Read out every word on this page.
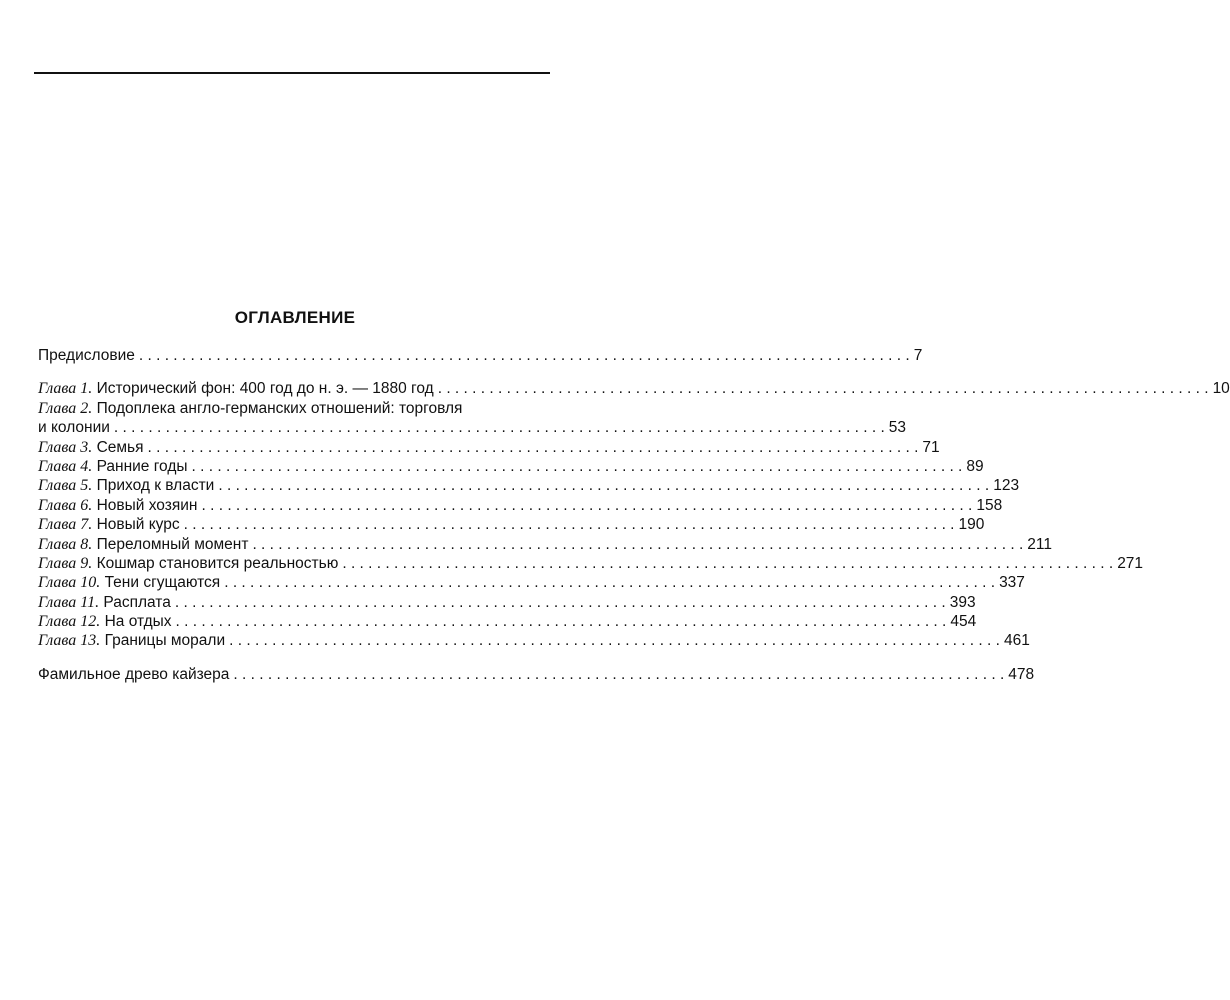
ОГЛАВЛЕНИЕ
Предисловие . . .	7
Глава 1. Исторический фон: 400 год до н. э. — 1880 год . . .	10
Глава 2. Подоплека англо-германских отношений: торговля
и колонии . . .	53
Глава 3. Семья . . .	71
Глава 4. Ранние годы . . .	89
Глава 5. Приход к власти . . .	123
Глава 6. Новый хозяин . . .	158
Глава 7. Новый курс . . .	190
Глава 8. Переломный момент . . .	211
Глава 9. Кошмар становится реальностью . . .	271
Глава 10. Тени сгущаются . . .	337
Глава 11. Расплата . . .	393
Глава 12. На отдых . . .	454
Глава 13. Границы морали . . .	461
Фамильное древо кайзера . . .	478
